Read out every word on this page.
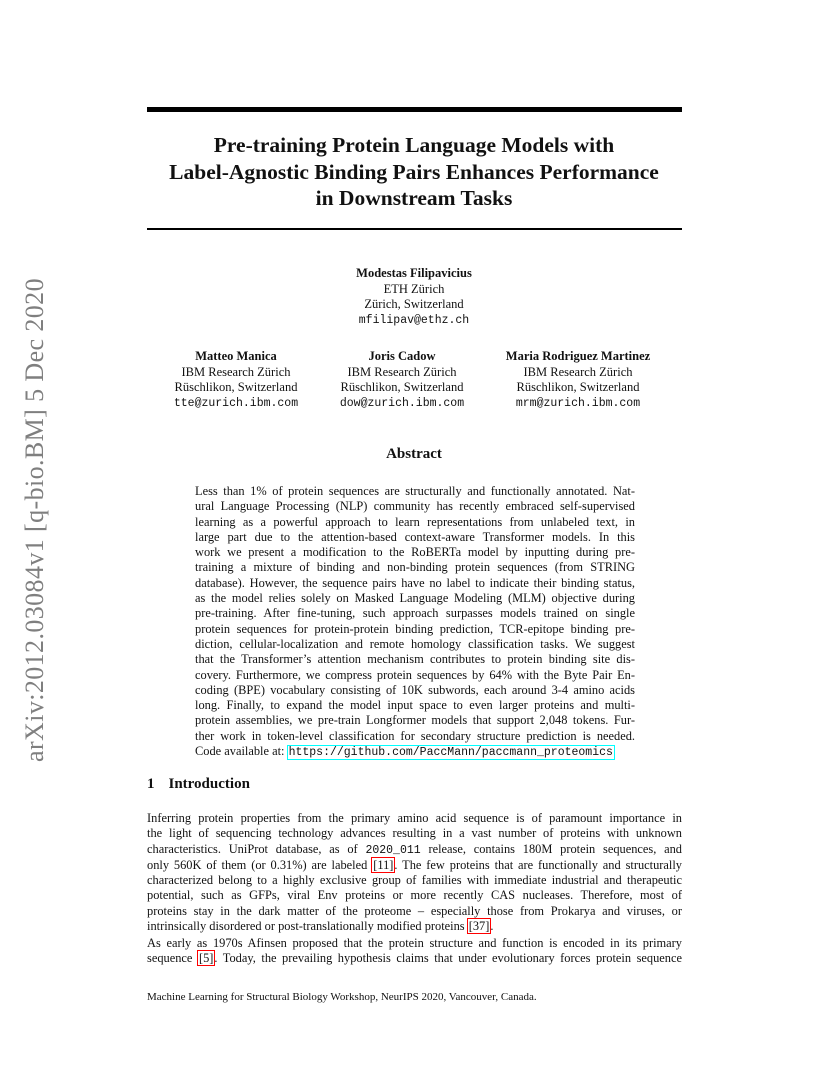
arXiv:2012.03084v1 [q-bio.BM] 5 Dec 2020
Pre-training Protein Language Models with
Label-Agnostic Binding Pairs Enhances Performance
in Downstream Tasks
Modestas Filipavicius
ETH Zürich
Zürich, Switzerland
mfilipav@ethz.ch
Matteo Manica
IBM Research Zürich
Rüschlikon, Switzerland
tte@zurich.ibm.com
Joris Cadow
IBM Research Zürich
Rüschlikon, Switzerland
dow@zurich.ibm.com
Maria Rodriguez Martinez
IBM Research Zürich
Rüschlikon, Switzerland
mrm@zurich.ibm.com
Abstract
Less than 1% of protein sequences are structurally and functionally annotated. Nat-
ural Language Processing (NLP) community has recently embraced self-supervised
learning as a powerful approach to learn representations from unlabeled text, in
large part due to the attention-based context-aware Transformer models. In this
work we present a modification to the RoBERTa model by inputting during pre-
training a mixture of binding and non-binding protein sequences (from STRING
database). However, the sequence pairs have no label to indicate their binding status,
as the model relies solely on Masked Language Modeling (MLM) objective during
pre-training. After fine-tuning, such approach surpasses models trained on single
protein sequences for protein-protein binding prediction, TCR-epitope binding pre-
diction, cellular-localization and remote homology classification tasks. We suggest
that the Transformer’s attention mechanism contributes to protein binding site dis-
covery. Furthermore, we compress protein sequences by 64% with the Byte Pair En-
coding (BPE) vocabulary consisting of 10K subwords, each around 3-4 amino acids
long. Finally, to expand the model input space to even larger proteins and multi-
protein assemblies, we pre-train Longformer models that support 2,048 tokens. Fur-
ther work in token-level classification for secondary structure prediction is needed.
Code available at: https://github.com/PaccMann/paccmann_proteomics
1 Introduction
Inferring protein properties from the primary amino acid sequence is of paramount importance in
the light of sequencing technology advances resulting in a vast number of proteins with unknown
characteristics. UniProt database, as of 2020_011 release, contains 180M protein sequences, and
only 560K of them (or 0.31%) are labeled [11]. The few proteins that are functionally and structurally
characterized belong to a highly exclusive group of families with immediate industrial and therapeutic
potential, such as GFPs, viral Env proteins or more recently CAS nucleases. Therefore, most of
proteins stay in the dark matter of the proteome – especially those from Prokarya and viruses, or
intrinsically disordered or post-translationally modified proteins [37].
As early as 1970s Afinsen proposed that the protein structure and function is encoded in its primary
sequence [5]. Today, the prevailing hypothesis claims that under evolutionary forces protein sequence
Machine Learning for Structural Biology Workshop, NeurIPS 2020, Vancouver, Canada.
